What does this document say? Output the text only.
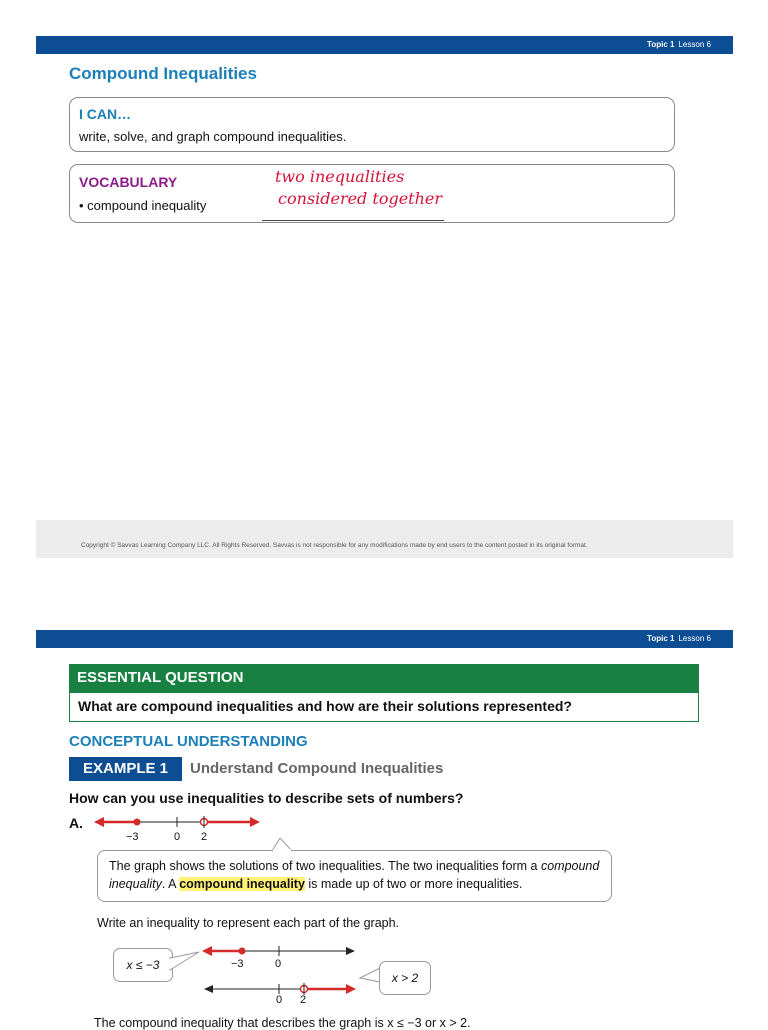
Topic 1 Lesson 6
Compound Inequalities
I CAN…
write, solve, and graph compound inequalities.
VOCABULARY
• compound inequality
two inequalities
considered together
Copyright © Savvas Learning Company LLC. All Rights Reserved. Savvas is not responsible for any modifications made by end users to the content posted in its original format.
Topic 1 Lesson 6
ESSENTIAL QUESTION
What are compound inequalities and how are their solutions represented?
CONCEPTUAL UNDERSTANDING
EXAMPLE 1	Understand Compound Inequalities
How can you use inequalities to describe sets of numbers?
A.
−3	0 2
The graph shows the solutions of two inequalities. The two inequalities form a compound inequality. A compound inequality is made up of two or more inequalities.
Write an inequality to represent each part of the graph.
x ≤ −3	−3	0
0 2
x > 2
The compound inequality that describes the graph is x ≤ −3 or x > 2.
